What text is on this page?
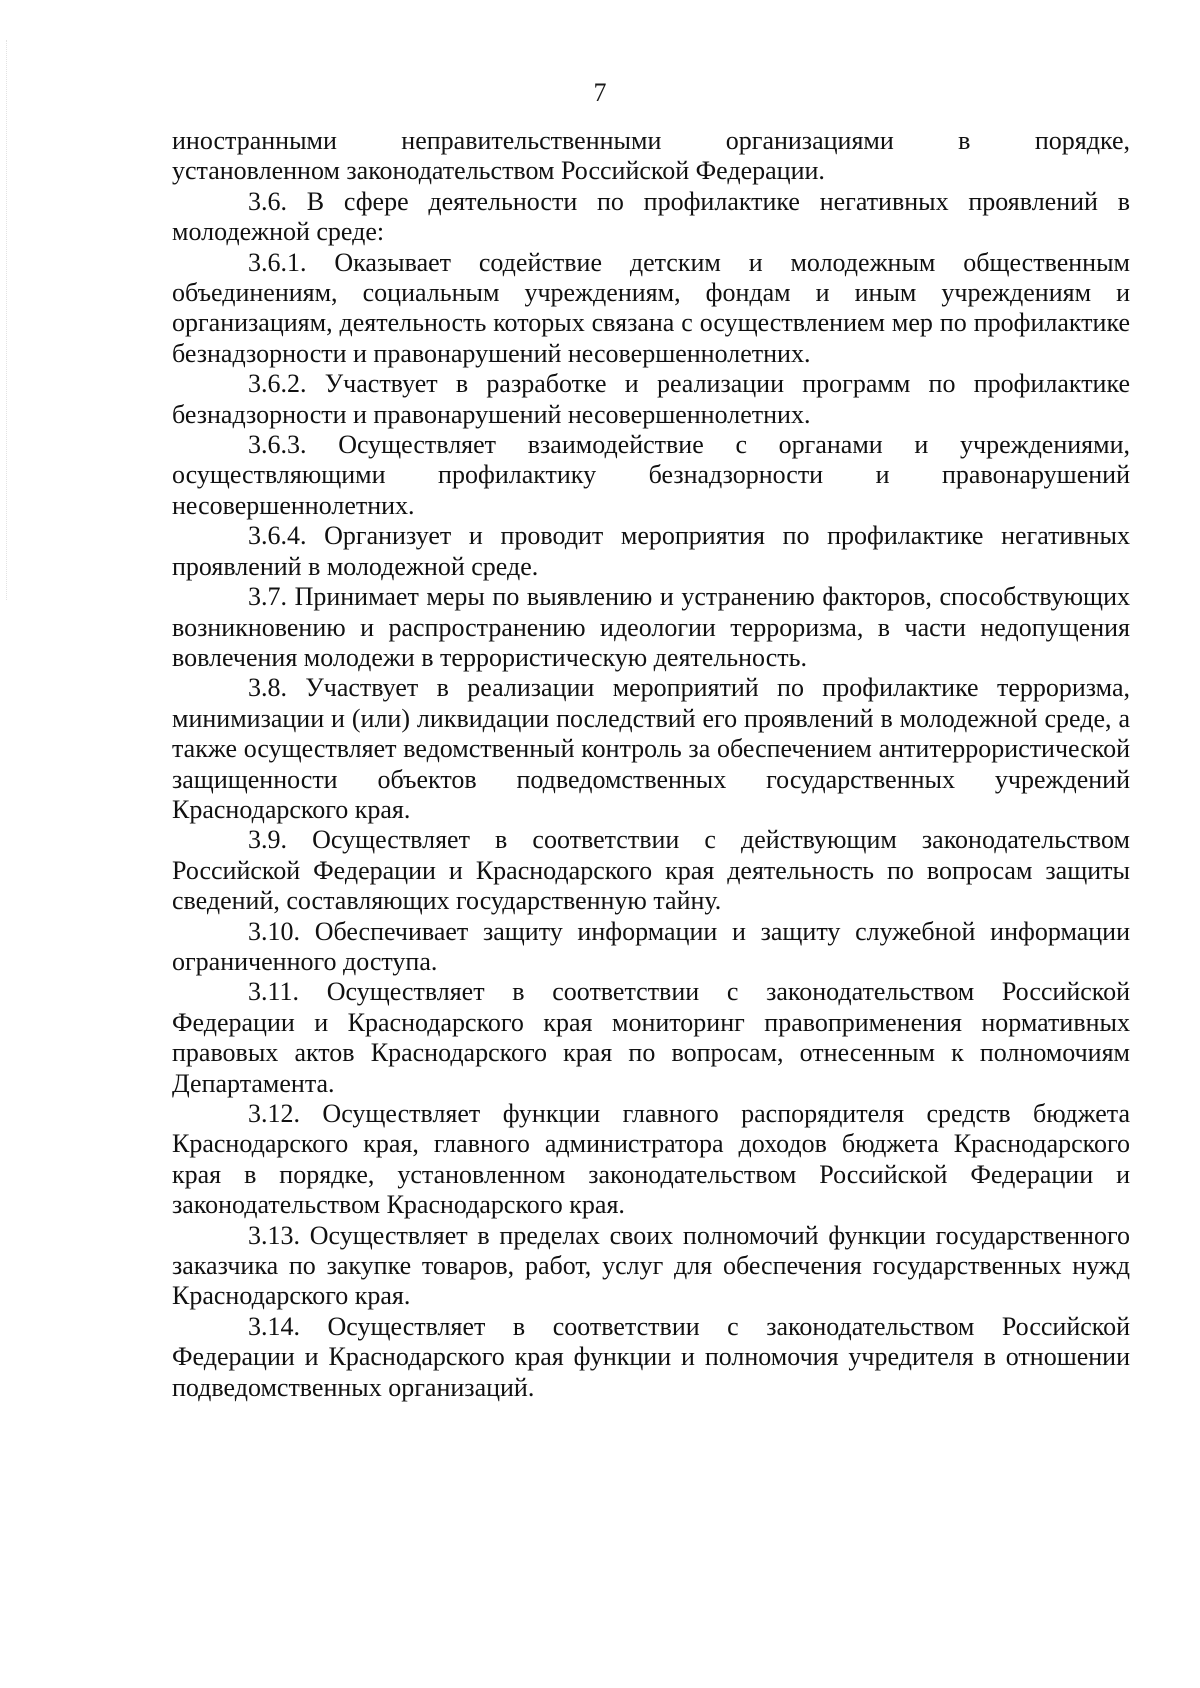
7

иностранными неправительственными организациями в порядке,

установленном законодательством Российской Федерации.

3.6. В сфере деятельности по профилактике негативных проявлений в молодежной среде:

3.6.1. Оказывает содействие детским и молодежным общественным объединениям, социальным учреждениям, фондам и иным учреждениям и организациям, деятельность которых связана с осуществлением мер по профилактике безнадзорности и правонарушений несовершеннолетних.

3.6.2. Участвует в разработке и реализации программ по профилактике безнадзорности и правонарушений несовершеннолетних.

3.6.3. Осуществляет взаимодействие с органами и учреждениями, осуществляющими профилактику безнадзорности и правонарушений несовершеннолетних.

3.6.4. Организует и проводит мероприятия по профилактике негативных проявлений в молодежной среде.

3.7. Принимает меры по выявлению и устранению факторов, способствующих возникновению и распространению идеологии терроризма, в части недопущения вовлечения молодежи в террористическую деятельность.

3.8. Участвует в реализации мероприятий по профилактике терроризма, минимизации и (или) ликвидации последствий его проявлений в молодежной среде, а также осуществляет ведомственный контроль за обеспечением антитеррористической защищенности объектов подведомственных государственных учреждений Краснодарского края.

3.9. Осуществляет в соответствии с действующим законодательством Российской Федерации и Краснодарского края деятельность по вопросам защиты сведений, составляющих государственную тайну.

3.10. Обеспечивает защиту информации и защиту служебной информации ограниченного доступа.

3.11. Осуществляет в соответствии с законодательством Российской Федерации и Краснодарского края мониторинг правоприменения нормативных правовых актов Краснодарского края по вопросам, отнесенным к полномочиям Департамента.

3.12. Осуществляет функции главного распорядителя средств бюджета Краснодарского края, главного администратора доходов бюджета Краснодарского края в порядке, установленном законодательством Российской Федерации и законодательством Краснодарского края.

3.13. Осуществляет в пределах своих полномочий функции государственного заказчика по закупке товаров, работ, услуг для обеспечения государственных нужд Краснодарского края.

3.14. Осуществляет в соответствии с законодательством Российской Федерации и Краснодарского края функции и полномочия учредителя в отношении подведомственных организаций.
